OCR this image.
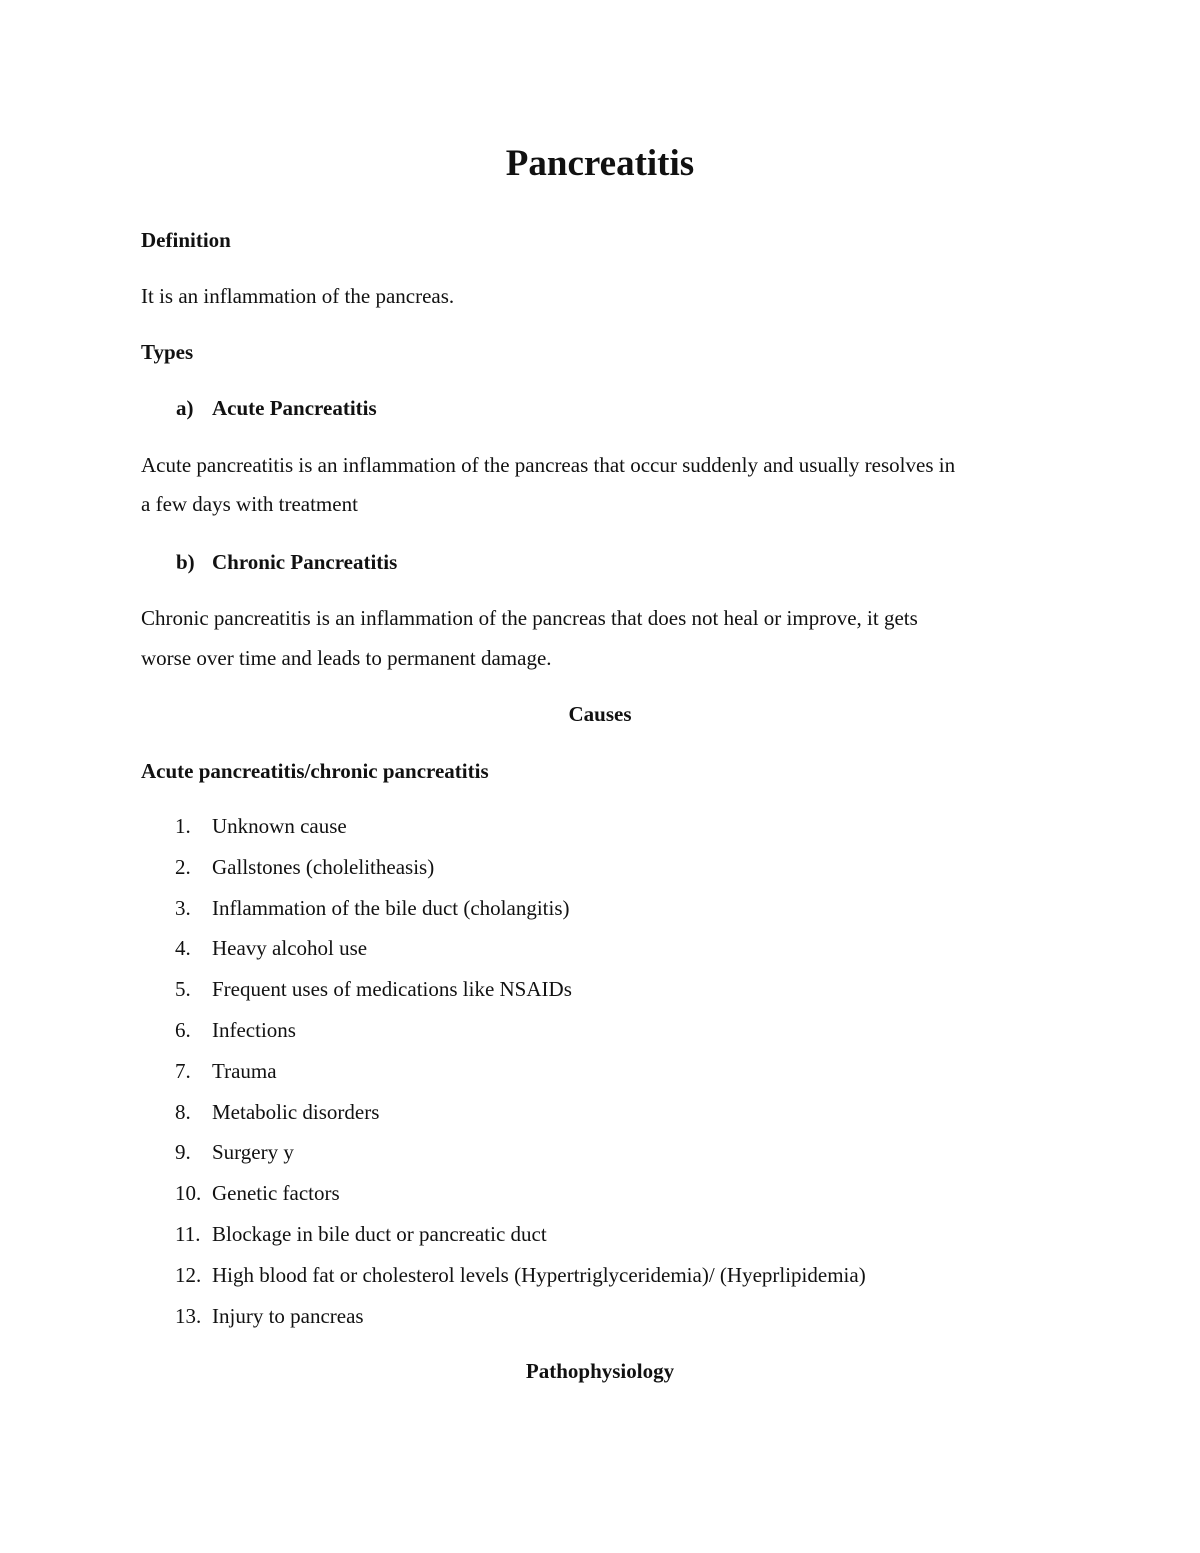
Pancreatitis

Definition

It is an inflammation of the pancreas.

Types

a) Acute Pancreatitis

Acute pancreatitis is an inflammation of the pancreas that occur suddenly and usually resolves in

a few days with treatment

b) Chronic Pancreatitis

Chronic pancreatitis is an inflammation of the pancreas that does not heal or improve, it gets

worse over time and leads to permanent damage.

Causes

Acute pancreatitis/chronic pancreatitis

1.	Unknown cause
2.	Gallstones (cholelitheasis)
3.	Inflammation of the bile duct (cholangitis)
4.	Heavy alcohol use
5.	Frequent uses of medications like NSAIDs
6.	Infections
7.	Trauma
8.	Metabolic disorders
9.	Surgery y
10. Genetic factors
11. Blockage in bile duct or pancreatic duct
12. High blood fat or cholesterol levels (Hypertriglyceridemia)/ (Hyeprlipidemia)
13. Injury to pancreas

Pathophysiology
